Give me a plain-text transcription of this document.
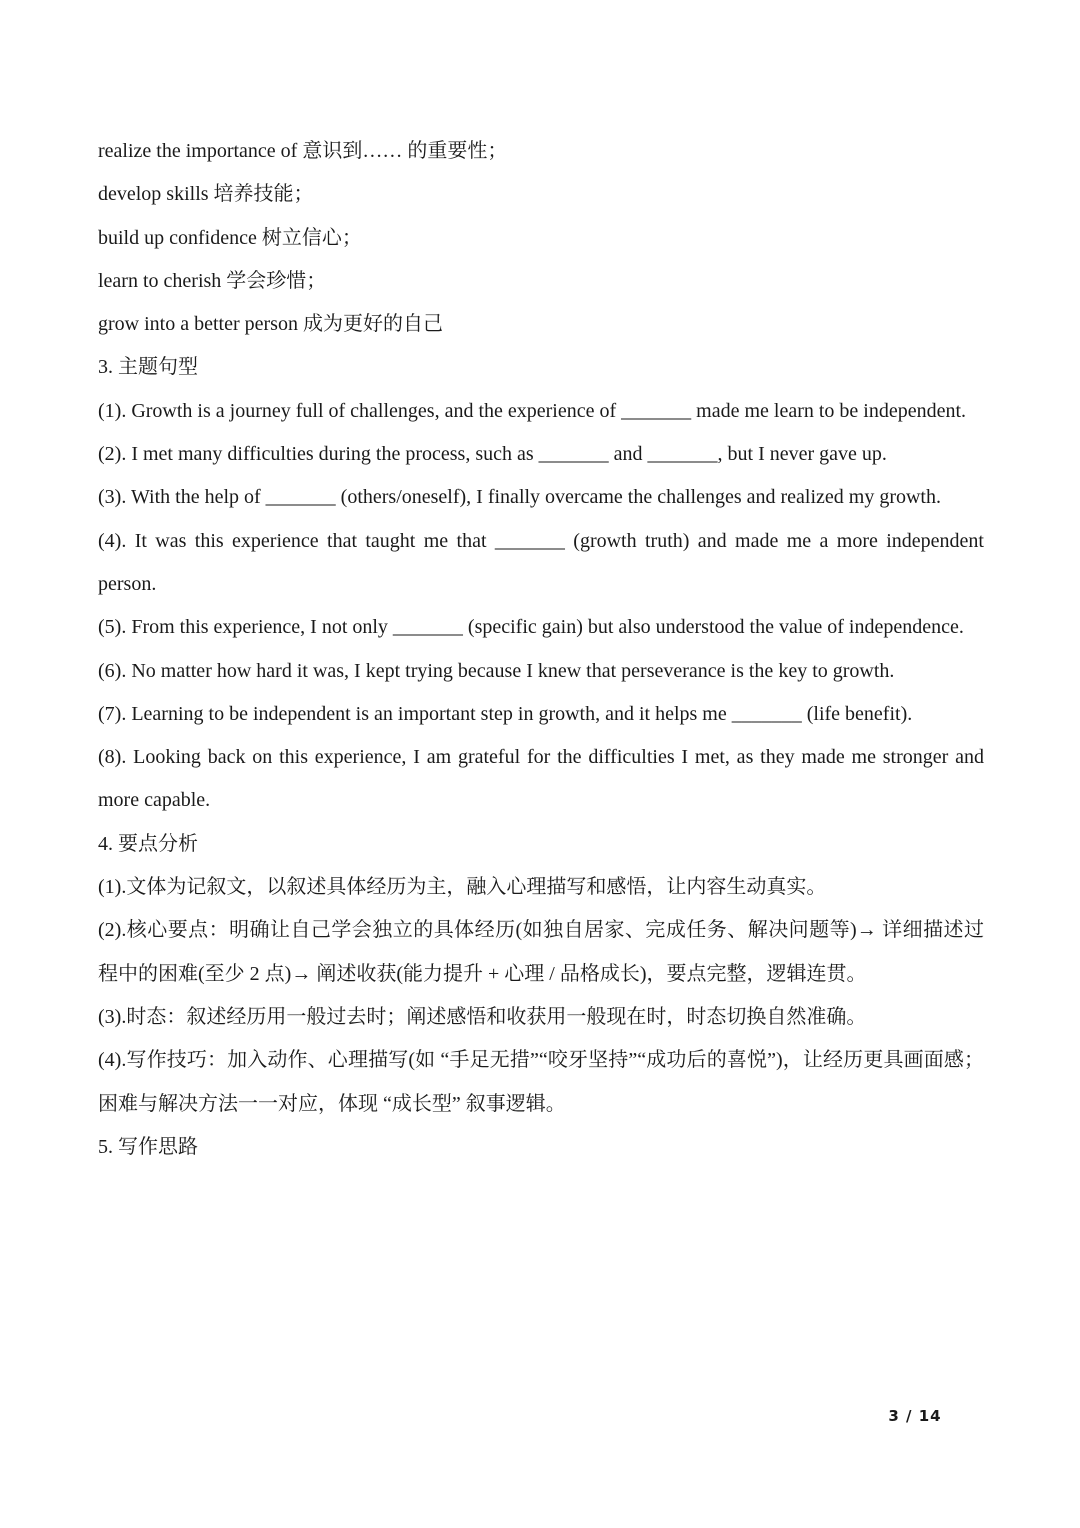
realize the importance of 意识到…… 的重要性；

develop skills 培养技能；

build up confidence 树立信心；

learn to cherish 学会珍惜；

grow into a better person 成为更好的自己

3. 主题句型

(1). Growth is a journey full of challenges, and the experience of _______ made me learn to be independent.

(2). I met many difficulties during the process, such as _______ and _______, but I never gave up.

(3). With the help of _______ (others/oneself), I finally overcame the challenges and realized my growth.

(4). It was this experience that taught me that _______ (growth truth) and made me a more independent person.

(5). From this experience, I not only _______ (specific gain) but also understood the value of independence.

(6). No matter how hard it was, I kept trying because I knew that perseverance is the key to growth.

(7). Learning to be independent is an important step in growth, and it helps me _______ (life benefit).

(8). Looking back on this experience, I am grateful for the difficulties I met, as they made me stronger and more capable.

4. 要点分析

(1).文体为记叙文，以叙述具体经历为主，融入心理描写和感悟，让内容生动真实。

(2).核心要点：明确让自己学会独立的具体经历(如独自居家、完成任务、解决问题等)→ 详细描述过程中的困难(至少 2 点)→ 阐述收获(能力提升 + 心理 / 品格成长)，要点完整，逻辑连贯。

(3).时态：叙述经历用一般过去时；阐述感悟和收获用一般现在时，时态切换自然准确。

(4).写作技巧：加入动作、心理描写(如 “手足无措”“咬牙坚持”“成功后的喜悦”)，让经历更具画面感；困难与解决方法一一对应，体现 “成长型” 叙事逻辑。

5. 写作思路

3 / 14
